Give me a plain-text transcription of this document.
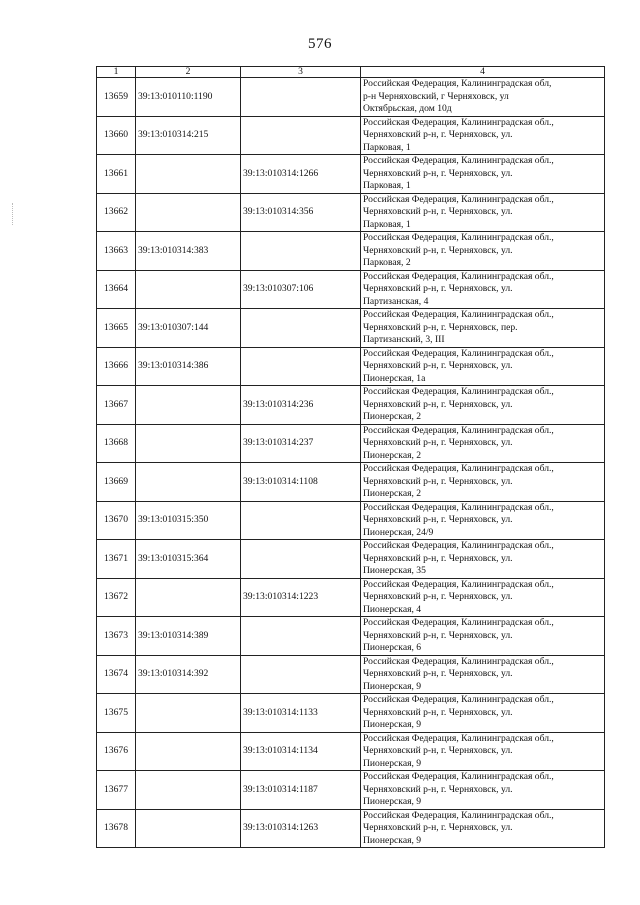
576
1	2	3	4
13659	39:13:010110:1190		Российская Федерация, Калининградская обл,
р-н Черняховский, г Черняховск, ул
Октябрьская, дом 10д

13660	39:13:010314:215		Российская Федерация, Калининградская обл.,
Черняховский р-н, г. Черняховск, ул.
Парковая, 1

13661		39:13:010314:1266	Российская Федерация, Калининградская обл.,
Черняховский р-н, г. Черняховск, ул.
Парковая, 1

13662		39:13:010314:356	Российская Федерация, Калининградская обл.,
Черняховский р-н, г. Черняховск, ул.
Парковая, 1

13663	39:13:010314:383		Российская Федерация, Калининградская обл.,
Черняховский р-н, г. Черняховск, ул.
Парковая, 2

13664		39:13:010307:106	Российская Федерация, Калининградская обл.,
Черняховский р-н, г. Черняховск, ул.
Партизанская, 4

13665	39:13:010307:144		Российская Федерация, Калининградская обл.,
Черняховский р-н, г. Черняховск, пер.
Партизанский, 3, III

13666	39:13:010314:386		Российская Федерация, Калининградская обл.,
Черняховский р-н, г. Черняховск, ул.
Пионерская, 1а

13667		39:13:010314:236	Российская Федерация, Калининградская обл.,
Черняховский р-н, г. Черняховск, ул.
Пионерская, 2

13668		39:13:010314:237	Российская Федерация, Калининградская обл.,
Черняховский р-н, г. Черняховск, ул.
Пионерская, 2

13669		39:13:010314:1108	Российская Федерация, Калининградская обл.,
Черняховский р-н, г. Черняховск, ул.
Пионерская, 2

13670	39:13:010315:350		Российская Федерация, Калининградская обл.,
Черняховский р-н, г. Черняховск, ул.
Пионерская, 24/9

13671	39:13:010315:364		Российская Федерация, Калининградская обл.,
Черняховский р-н, г. Черняховск, ул.
Пионерская, 35

13672		39:13:010314:1223	Российская Федерация, Калининградская обл.,
Черняховский р-н, г. Черняховск, ул.
Пионерская, 4

13673	39:13:010314:389		Российская Федерация, Калининградская обл.,
Черняховский р-н, г. Черняховск, ул.
Пионерская, 6

13674	39:13:010314:392		Российская Федерация, Калининградская обл.,
Черняховский р-н, г. Черняховск, ул.
Пионерская, 9

13675		39:13:010314:1133	Российская Федерация, Калининградская обл.,
Черняховский р-н, г. Черняховск, ул.
Пионерская, 9

13676		39:13:010314:1134	Российская Федерация, Калининградская обл.,
Черняховский р-н, г. Черняховск, ул.
Пионерская, 9

13677		39:13:010314:1187	Российская Федерация, Калининградская обл.,
Черняховский р-н, г. Черняховск, ул.
Пионерская, 9

13678		39:13:010314:1263	Российская Федерация, Калининградская обл.,
Черняховский р-н, г. Черняховск, ул.
Пионерская, 9
